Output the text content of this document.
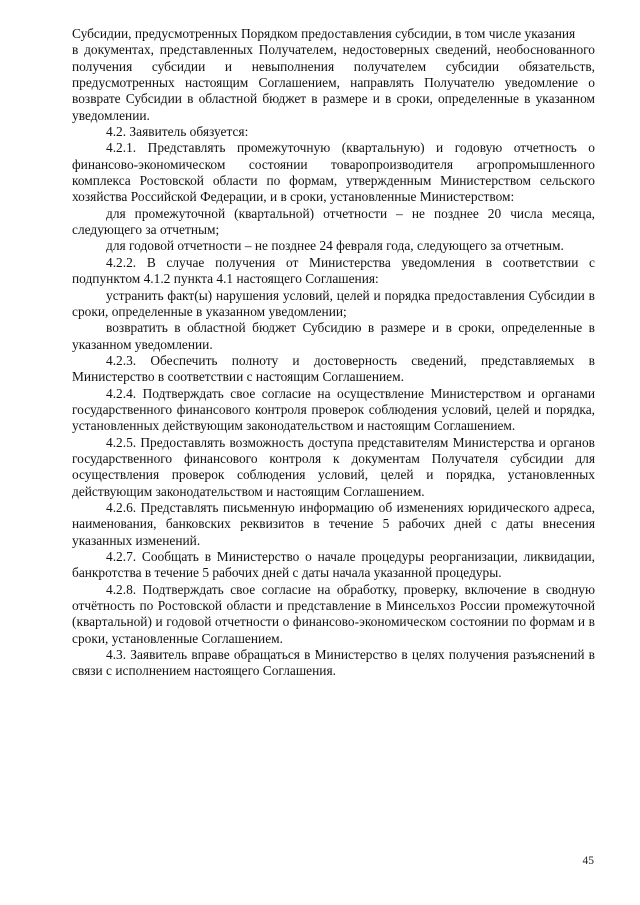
Субсидии, предусмотренных Порядком предоставления субсидии, в том числе указания

в документах, представленных Получателем, недостоверных сведений, необоснованного получения субсидии и невыполнения получателем субсидии обязательств, предусмотренных настоящим Соглашением, направлять Получателю уведомление о возврате Субсидии в областной бюджет в размере и в сроки, определенные в указанном уведомлении.

4.2. Заявитель обязуется:

4.2.1. Представлять промежуточную (квартальную) и годовую отчетность о финансово-экономическом состоянии товаропроизводителя агропромышленного комплекса Ростовской области по формам, утвержденным Министерством сельского хозяйства Российской Федерации, и в сроки, установленные Министерством:

для промежуточной (квартальной) отчетности – не позднее 20 числа месяца, следующего за отчетным;

для годовой отчетности – не позднее 24 февраля года, следующего за отчетным.

4.2.2. В случае получения от Министерства уведомления в соответствии с подпунктом 4.1.2 пункта 4.1 настоящего Соглашения:

устранить факт(ы) нарушения условий, целей и порядка предоставления Субсидии в сроки, определенные в указанном уведомлении;

возвратить в областной бюджет Субсидию в размере и в сроки, определенные в указанном уведомлении.

4.2.3. Обеспечить полноту и достоверность сведений, представляемых в Министерство в соответствии с настоящим Соглашением.

4.2.4. Подтверждать свое согласие на осуществление Министерством и органами государственного финансового контроля проверок соблюдения условий, целей и порядка, установленных действующим законодательством и настоящим Соглашением.

4.2.5. Предоставлять возможность доступа представителям Министерства и органов государственного финансового контроля к документам Получателя субсидии для осуществления проверок соблюдения условий, целей и порядка, установленных действующим законодательством и настоящим Соглашением.

4.2.6. Представлять письменную информацию об изменениях юридического адреса, наименования, банковских реквизитов в течение 5 рабочих дней с даты внесения указанных изменений.

4.2.7. Сообщать в Министерство о начале процедуры реорганизации, ликвидации, банкротства в течение 5 рабочих дней с даты начала указанной процедуры.

4.2.8. Подтверждать свое согласие на обработку, проверку, включение в сводную отчётность по Ростовской области и представление в Минсельхоз России промежуточной (квартальной) и годовой отчетности о финансово-экономическом состоянии по формам и в сроки, установленные Соглашением.

4.3. Заявитель вправе обращаться в Министерство в целях получения разъяснений в связи с исполнением настоящего Соглашения.

45
